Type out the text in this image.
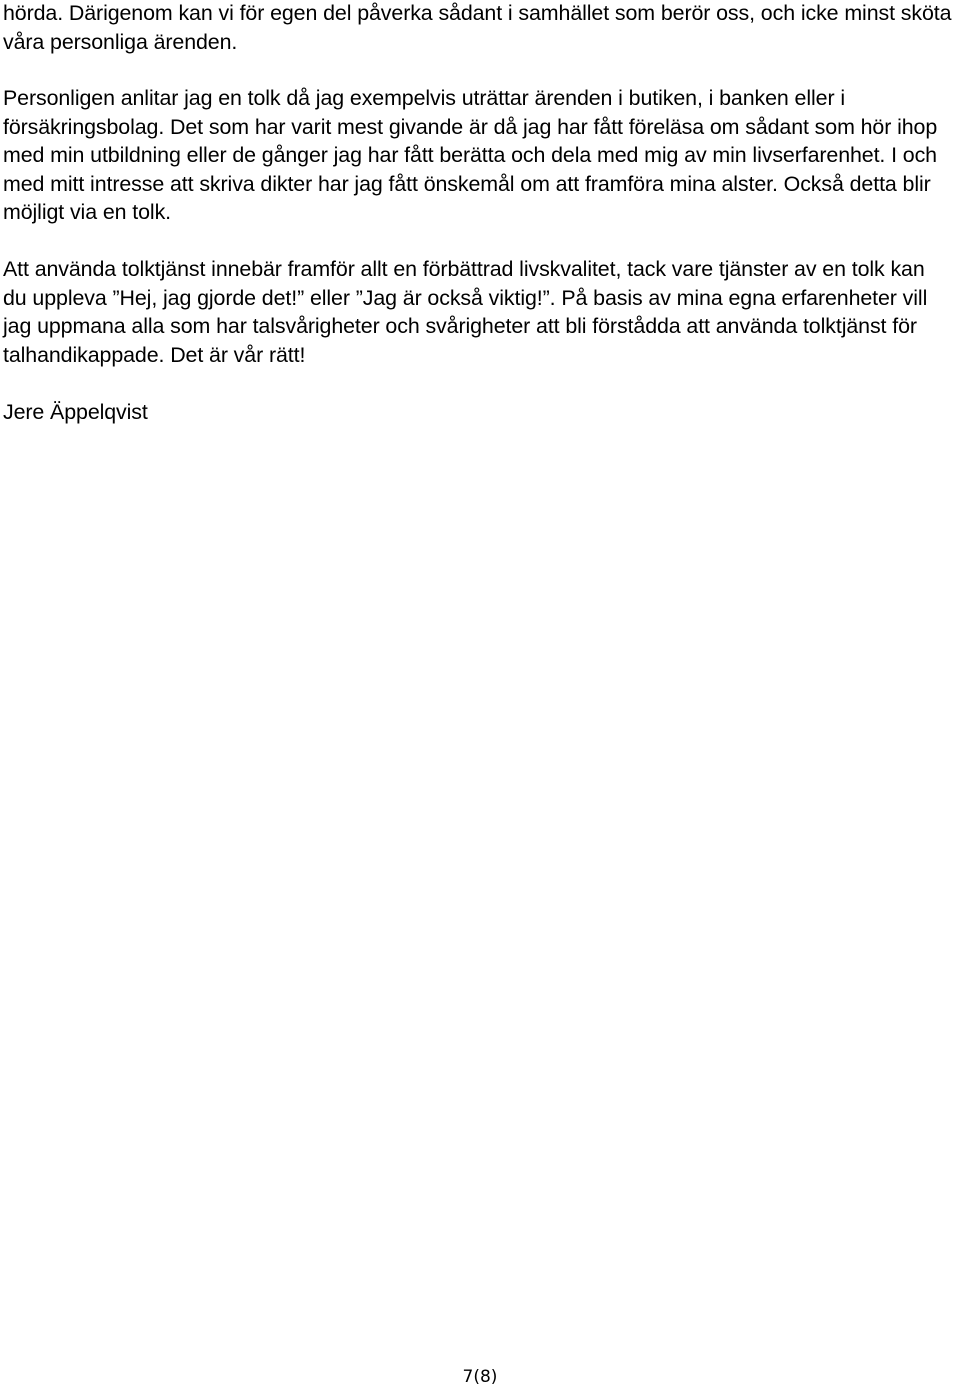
hörda. Därigenom kan vi för egen del påverka sådant i samhället som berör oss, och icke minst sköta våra personliga ärenden.

Personligen anlitar jag en tolk då jag exempelvis uträttar ärenden i butiken, i banken eller i försäkringsbolag. Det som har varit mest givande är då jag har fått föreläsa om sådant som hör ihop med min utbildning eller de gånger jag har fått berätta och dela med mig av min livserfarenhet. I och med mitt intresse att skriva dikter har jag fått önskemål om att framföra mina alster. Också detta blir möjligt via en tolk.

Att använda tolktjänst innebär framför allt en förbättrad livskvalitet, tack vare tjänster av en tolk kan du uppleva ”Hej, jag gjorde det!” eller ”Jag är också viktig!”. På basis av mina egna erfarenheter vill jag uppmana alla som har talsvårigheter och svårigheter att bli förstådda att använda tolktjänst för talhandikappade. Det är vår rätt!

Jere Äppelqvist

7(8)
